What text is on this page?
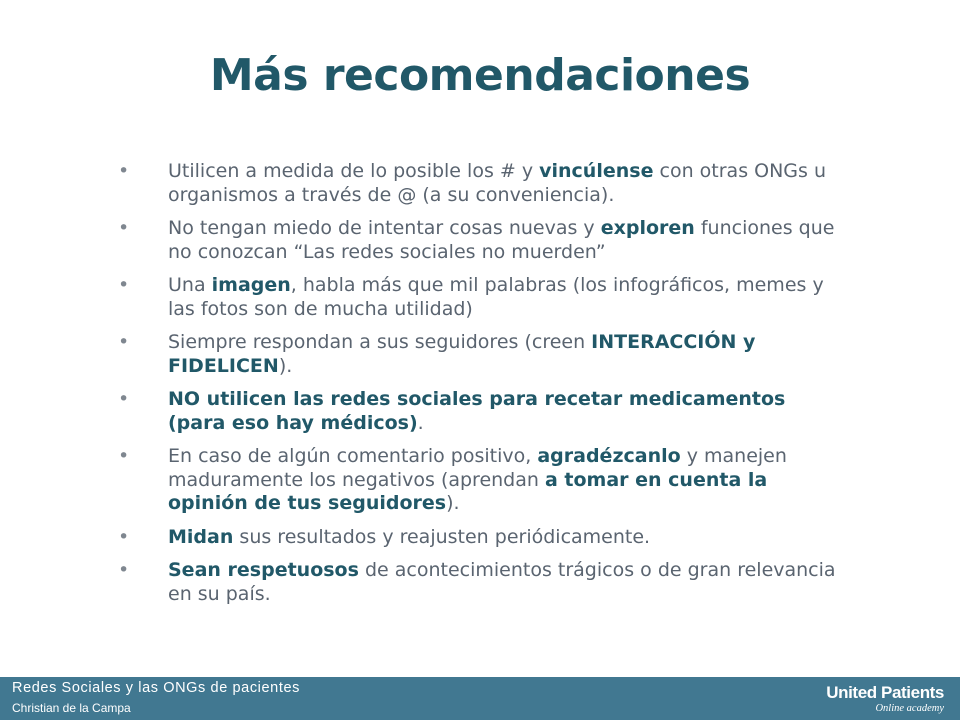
Más recomendaciones
• Utilicen a medida de lo posible los # y vincúlense con otras ONGs u organismos a través de @ (a su conveniencia).
• No tengan miedo de intentar cosas nuevas y exploren funciones que no conozcan “Las redes sociales no muerden”
• Una imagen, habla más que mil palabras (los infográficos, memes y las fotos son de mucha utilidad)
• Siempre respondan a sus seguidores (creen INTERACCIÓN y FIDELICEN).
• NO utilicen las redes sociales para recetar medicamentos (para eso hay médicos).
• En caso de algún comentario positivo, agradézcanlo y manejen maduramente los negativos (aprendan a tomar en cuenta la opinión de tus seguidores).
• Midan sus resultados y reajusten periódicamente.
• Sean respetuosos de acontecimientos trágicos o de gran relevancia en su país.
Redes Sociales y las ONGs de pacientes
Christian de la Campa
United Patients
Online academy
